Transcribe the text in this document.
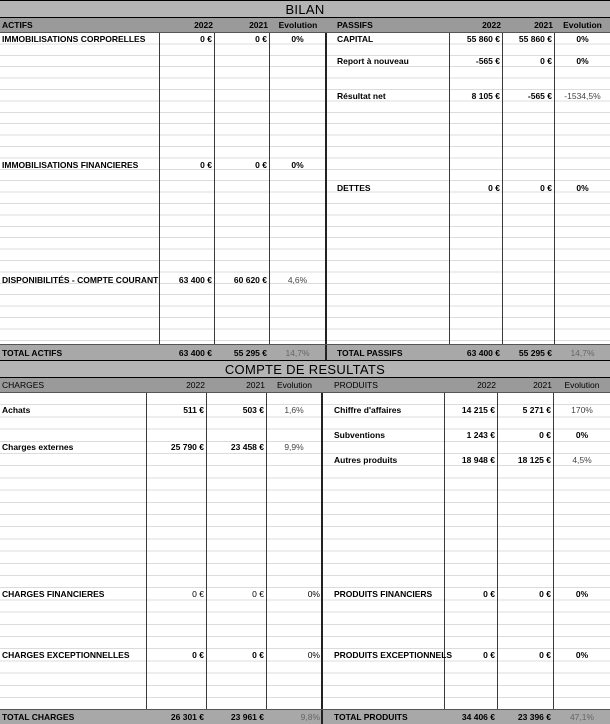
BILAN
ACTIFS	2022	2021	Evolution	PASSIFS	2022	2021	Evolution
IMMOBILISATIONS CORPORELLES	0 €	0 €	0%
IMMOBILISATIONS FINANCIERES	0 €	0 €	0%
DISPONIBILITÉS - COMPTE COURANT	63 400 €	60 620 €	4,6%
CAPITAL	55 860 €	55 860 €	0%
Report à nouveau	-565 €	0 €	0%
Résultat net	8 105 €	-565 €	-1534,5%
DETTES	0 €	0 €	0%
TOTAL ACTIFS	63 400 €	55 295 €	14,7%	TOTAL PASSIFS	63 400 €	55 295 €	14,7%
COMPTE DE RESULTATS
CHARGES	2022	2021	Evolution	PRODUITS	2022	2021	Evolution
Achats	511 €	503 €	1,6%
Charges externes	25 790 €	23 458 €	9,9%
CHARGES FINANCIERES	0 €	0 €	0%
CHARGES EXCEPTIONNELLES	0 €	0 €	0%
Chiffre d'affaires	14 215 €	5 271 €	170%
Subventions	1 243 €	0 €	0%
Autres produits	18 948 €	18 125 €	4,5%
PRODUITS FINANCIERS	0 €	0 €	0%
PRODUITS EXCEPTIONNELS	0 €	0 €	0%
TOTAL CHARGES	26 301 €	23 961 €	9,8% TOTAL PRODUITS	34 406 €	23 396 €	47,1%
